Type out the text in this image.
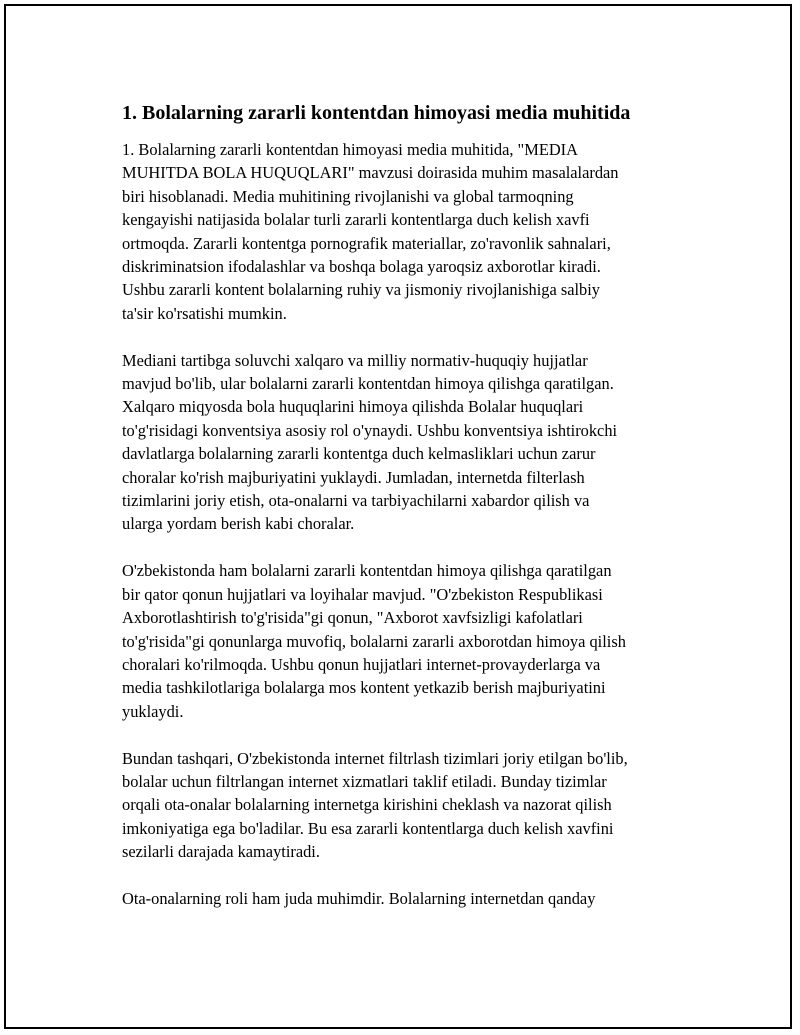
1. Bolalarning zararli kontentdan himoyasi media muhitida

1. Bolalarning zararli kontentdan himoyasi media muhitida, "MEDIA
MUHITDA BOLA HUQUQLARI" mavzusi doirasida muhim masalalardan
biri hisoblanadi. Media muhitining rivojlanishi va global tarmoqning
kengayishi natijasida bolalar turli zararli kontentlarga duch kelish xavfi
ortmoqda. Zararli kontentga pornografik materiallar, zo'ravonlik sahnalari,
diskriminatsion ifodalashlar va boshqa bolaga yaroqsiz axborotlar kiradi.
Ushbu zararli kontent bolalarning ruhiy va jismoniy rivojlanishiga salbiy
ta'sir ko'rsatishi mumkin.

Mediani tartibga soluvchi xalqaro va milliy normativ-huquqiy hujjatlar
mavjud bo'lib, ular bolalarni zararli kontentdan himoya qilishga qaratilgan.
Xalqaro miqyosda bola huquqlarini himoya qilishda Bolalar huquqlari
to'g'risidagi konventsiya asosiy rol o'ynaydi. Ushbu konventsiya ishtirokchi
davlatlarga bolalarning zararli kontentga duch kelmasliklari uchun zarur
choralar ko'rish majburiyatini yuklaydi. Jumladan, internetda filterlash
tizimlarini joriy etish, ota-onalarni va tarbiyachilarni xabardor qilish va
ularga yordam berish kabi choralar.

O'zbekistonda ham bolalarni zararli kontentdan himoya qilishga qaratilgan
bir qator qonun hujjatlari va loyihalar mavjud. "O'zbekiston Respublikasi
Axborotlashtirish to'g'risida"gi qonun, "Axborot xavfsizligi kafolatlari
to'g'risida"gi qonunlarga muvofiq, bolalarni zararli axborotdan himoya qilish
choralari ko'rilmoqda. Ushbu qonun hujjatlari internet-provayderlarga va
media tashkilotlariga bolalarga mos kontent yetkazib berish majburiyatini
yuklaydi.

Bundan tashqari, O'zbekistonda internet filtrlash tizimlari joriy etilgan bo'lib,
bolalar uchun filtrlangan internet xizmatlari taklif etiladi. Bunday tizimlar
orqali ota-onalar bolalarning internetga kirishini cheklash va nazorat qilish
imkoniyatiga ega bo'ladilar. Bu esa zararli kontentlarga duch kelish xavfini
sezilarli darajada kamaytiradi.

Ota-onalarning roli ham juda muhimdir. Bolalarning internetdan qanday
